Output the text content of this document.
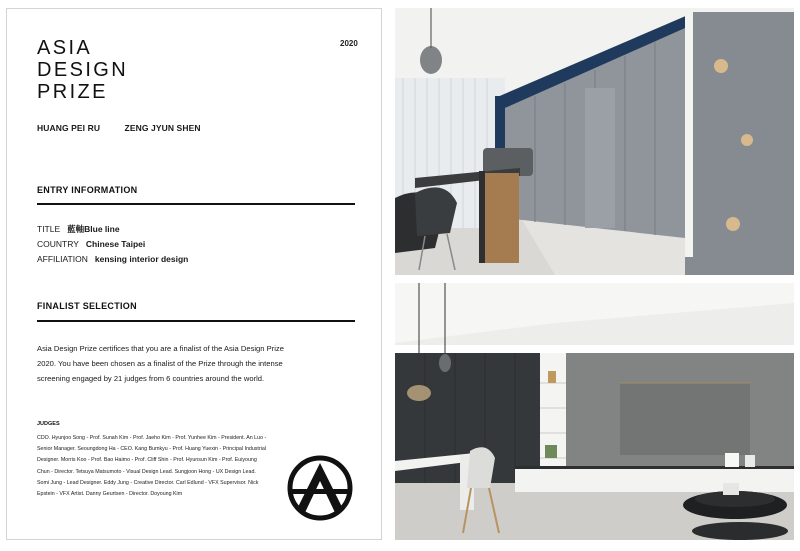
ASIA
DESIGN
PRIZE
2020
HUANG PEI RU	ZENG JYUN SHEN
ENTRY INFORMATION
TITLE 藍軸Blue line
COUNTRY Chinese Taipei
AFFILIATION kensing interior design
FINALIST SELECTION
Asia Design Prize certifices that you are a finalist of the Asia Design Prize 2020. You have been chosen as a finalist of the Prize through the intense screening engaged by 21 judges from 6 countries around the world.
JUDGES
CDO. Hyunjoo Song - Prof. Sunah Kim - Prof. Jaeho Kim - Prof. Yunhee Kim - President. An Luo - Senior Manager. Seoungdong Ha - CEO. Kang Bumkyu - Prof. Huang Yuexin - Principal Industrial Designer. Morris Koo - Prof. Bao Haimo - Prof. Cliff Shin - Prof. Hyunsun Kim - Prof. Euiyoung Chun - Director. Tetsuya Matsumoto - Visual Design Lead. Sungjoon Hong - UX Design Lead. Somi Jung - Lead Designer. Eddy Jung - Creative Director. Carl Edlund - VFX Supervisor. Nick Epstein - VFX Artist. Danny Geurtsen - Director. Doyoung Kim
